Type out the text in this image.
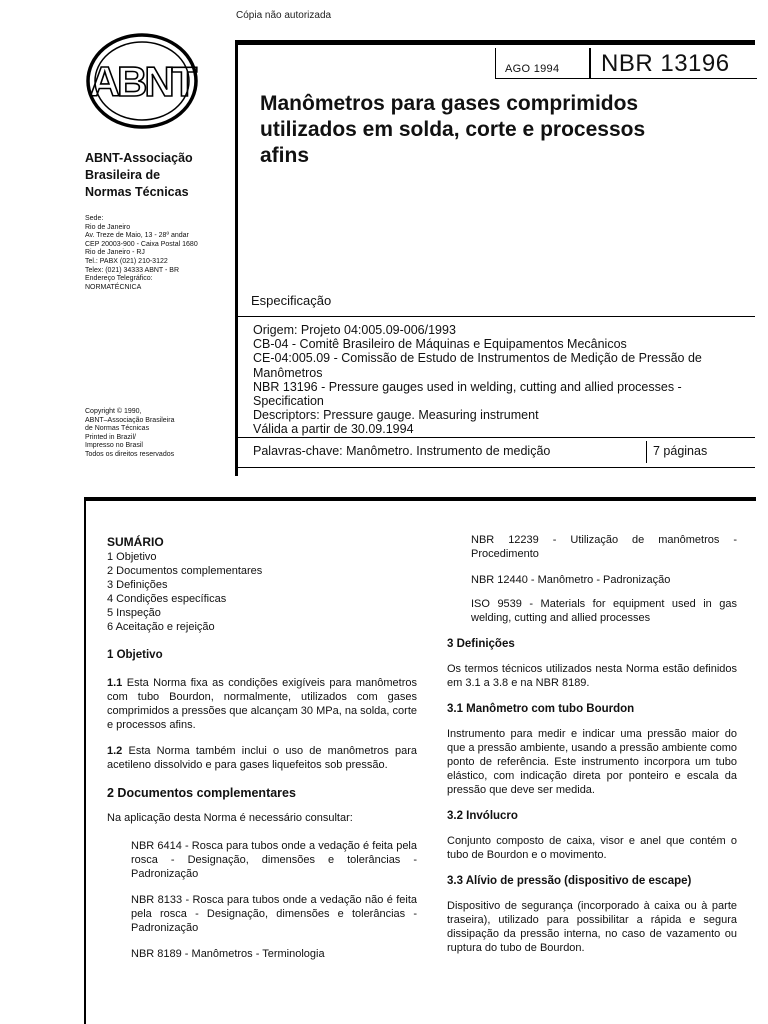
Cópia não autorizada
ABNT
ABNT-Associação
Brasileira de
Normas Técnicas
Sede:
Rio de Janeiro
Av. Treze de Maio, 13 - 28º andar
CEP 20003-900 - Caixa Postal 1680
Rio de Janeiro - RJ
Tel.: PABX (021) 210-3122
Telex: (021) 34333 ABNT - BR
Endereço Telegráfico:
NORMATÉCNICA
Copyright © 1990,
ABNT–Associação Brasileira
de Normas Técnicas
Printed in Brazil/
Impresso no Brasil
Todos os direitos reservados
AGO 1994 NBR 13196
Manômetros para gases comprimidos
utilizados em solda, corte e processos
afins
Especificação
Origem: Projeto 04:005.09-006/1993
CB-04 - Comitê Brasileiro de Máquinas e Equipamentos Mecânicos
CE-04:005.09 - Comissão de Estudo de Instrumentos de Medição de Pressão de
Manômetros
NBR 13196 - Pressure gauges used in welding, cutting and allied processes -
Specification
Descriptors: Pressure gauge. Measuring instrument
Válida a partir de 30.09.1994
Palavras-chave: Manômetro. Instrumento de medição	7 páginas
SUMÁRIO
1 Objetivo
2 Documentos complementares
3 Definições
4 Condições específicas
5 Inspeção
6 Aceitação e rejeição
1 Objetivo
1.1 Esta Norma fixa as condições exigíveis para manômetros com tubo Bourdon, normalmente, utilizados com gases comprimidos a pressões que alcançam 30 MPa, na solda, corte e processos afins.
1.2 Esta Norma também inclui o uso de manômetros para acetileno dissolvido e para gases liquefeitos sob pressão.
2 Documentos complementares
Na aplicação desta Norma é necessário consultar:
NBR 6414 - Rosca para tubos onde a vedação é feita pela rosca - Designação, dimensões e tolerâncias - Padronização
NBR 8133 - Rosca para tubos onde a vedação não é feita pela rosca - Designação, dimensões e tolerâncias - Padronização
NBR 8189 - Manômetros - Terminologia
NBR 12239 - Utilização de manômetros - Procedimento
NBR 12440 - Manômetro - Padronização
ISO 9539 - Materials for equipment used in gas welding, cutting and allied processes
3 Definições
Os termos técnicos utilizados nesta Norma estão definidos em 3.1 a 3.8 e na NBR 8189.
3.1 Manômetro com tubo Bourdon
Instrumento para medir e indicar uma pressão maior do que a pressão ambiente, usando a pressão ambiente como ponto de referência. Este instrumento incorpora um tubo elástico, com indicação direta por ponteiro e escala da pressão que deve ser medida.
3.2 Invólucro
Conjunto composto de caixa, visor e anel que contém o tubo de Bourdon e o movimento.
3.3 Alívio de pressão (dispositivo de escape)
Dispositivo de segurança (incorporado à caixa ou à parte traseira), utilizado para possibilitar a rápida e segura dissipação da pressão interna, no caso de vazamento ou ruptura do tubo de Bourdon.
